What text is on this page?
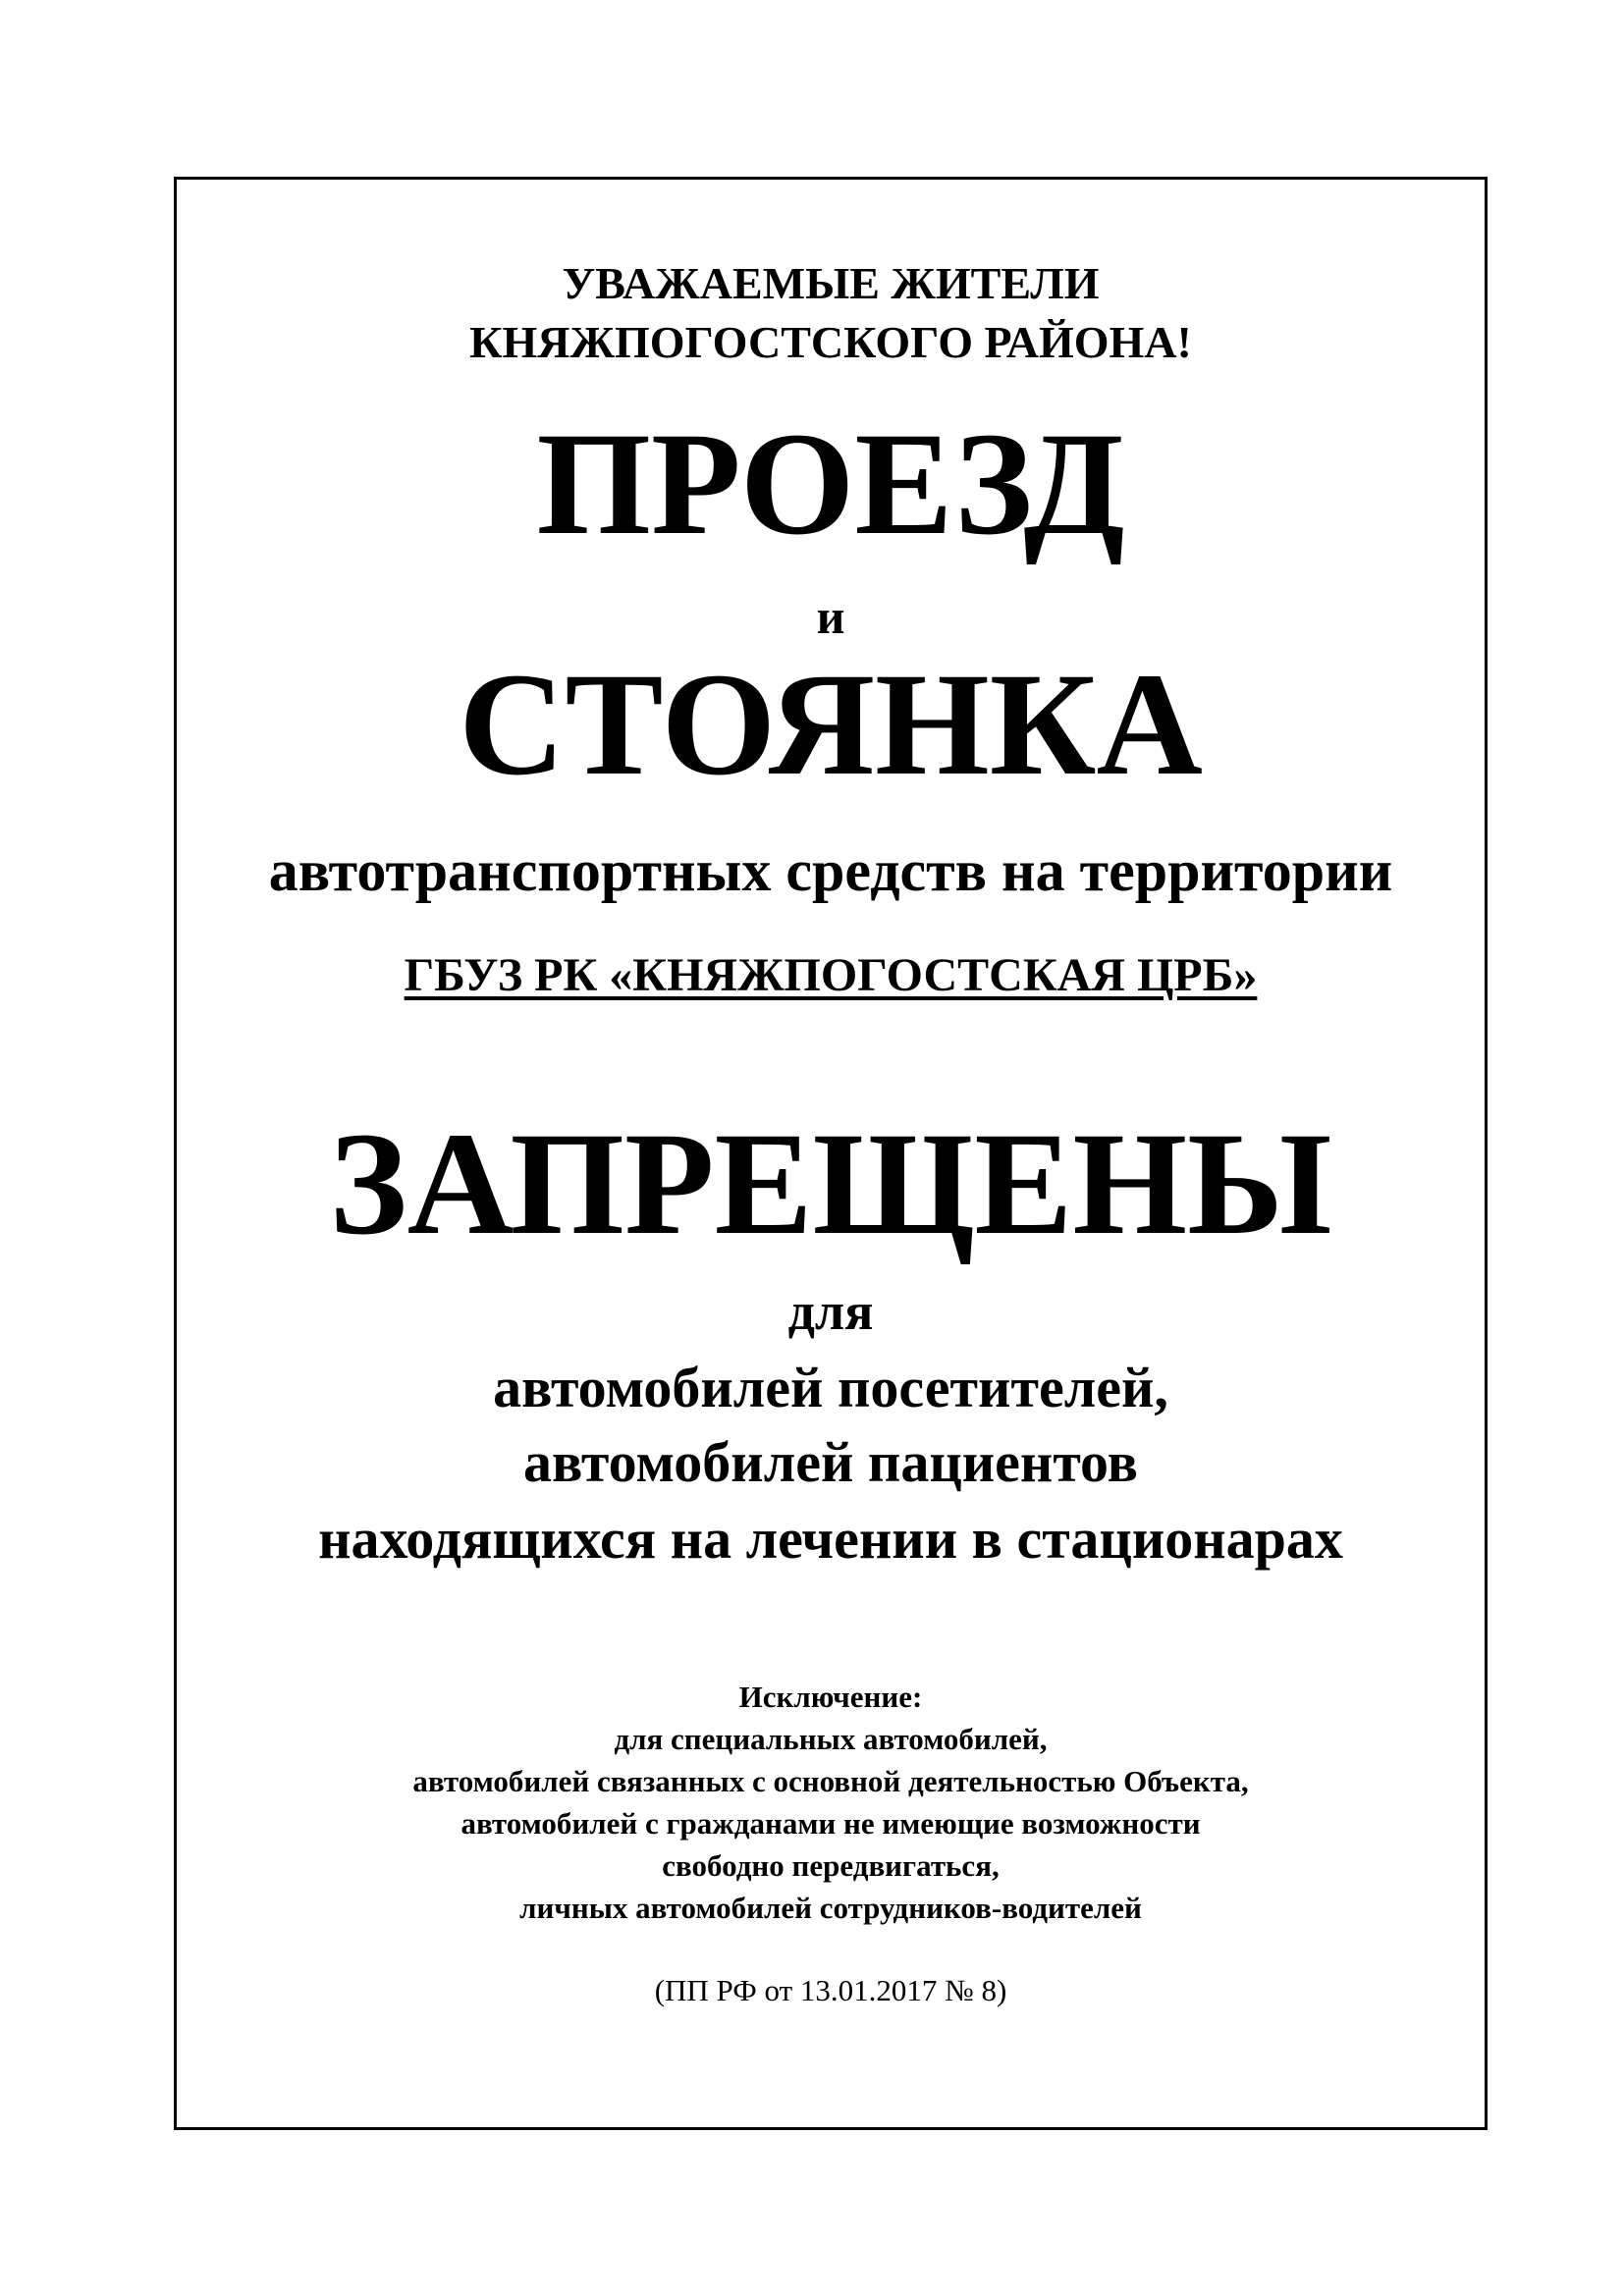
УВАЖАЕМЫЕ ЖИТЕЛИ
КНЯЖПОГОСТСКОГО РАЙОНА!
ПРОЕЗД
и
СТОЯНКА
автотранспортных средств на территории
ГБУЗ РК «КНЯЖПОГОСТСКАЯ ЦРБ»
ЗАПРЕЩЕНЫ
для
автомобилей посетителей,
автомобилей пациентов
находящихся на лечении в стационарах
Исключение:
для специальных автомобилей,
автомобилей связанных с основной деятельностью Объекта,
автомобилей с гражданами не имеющие возможности
свободно передвигаться,
личных автомобилей сотрудников-водителей
(ПП РФ от 13.01.2017 № 8)
